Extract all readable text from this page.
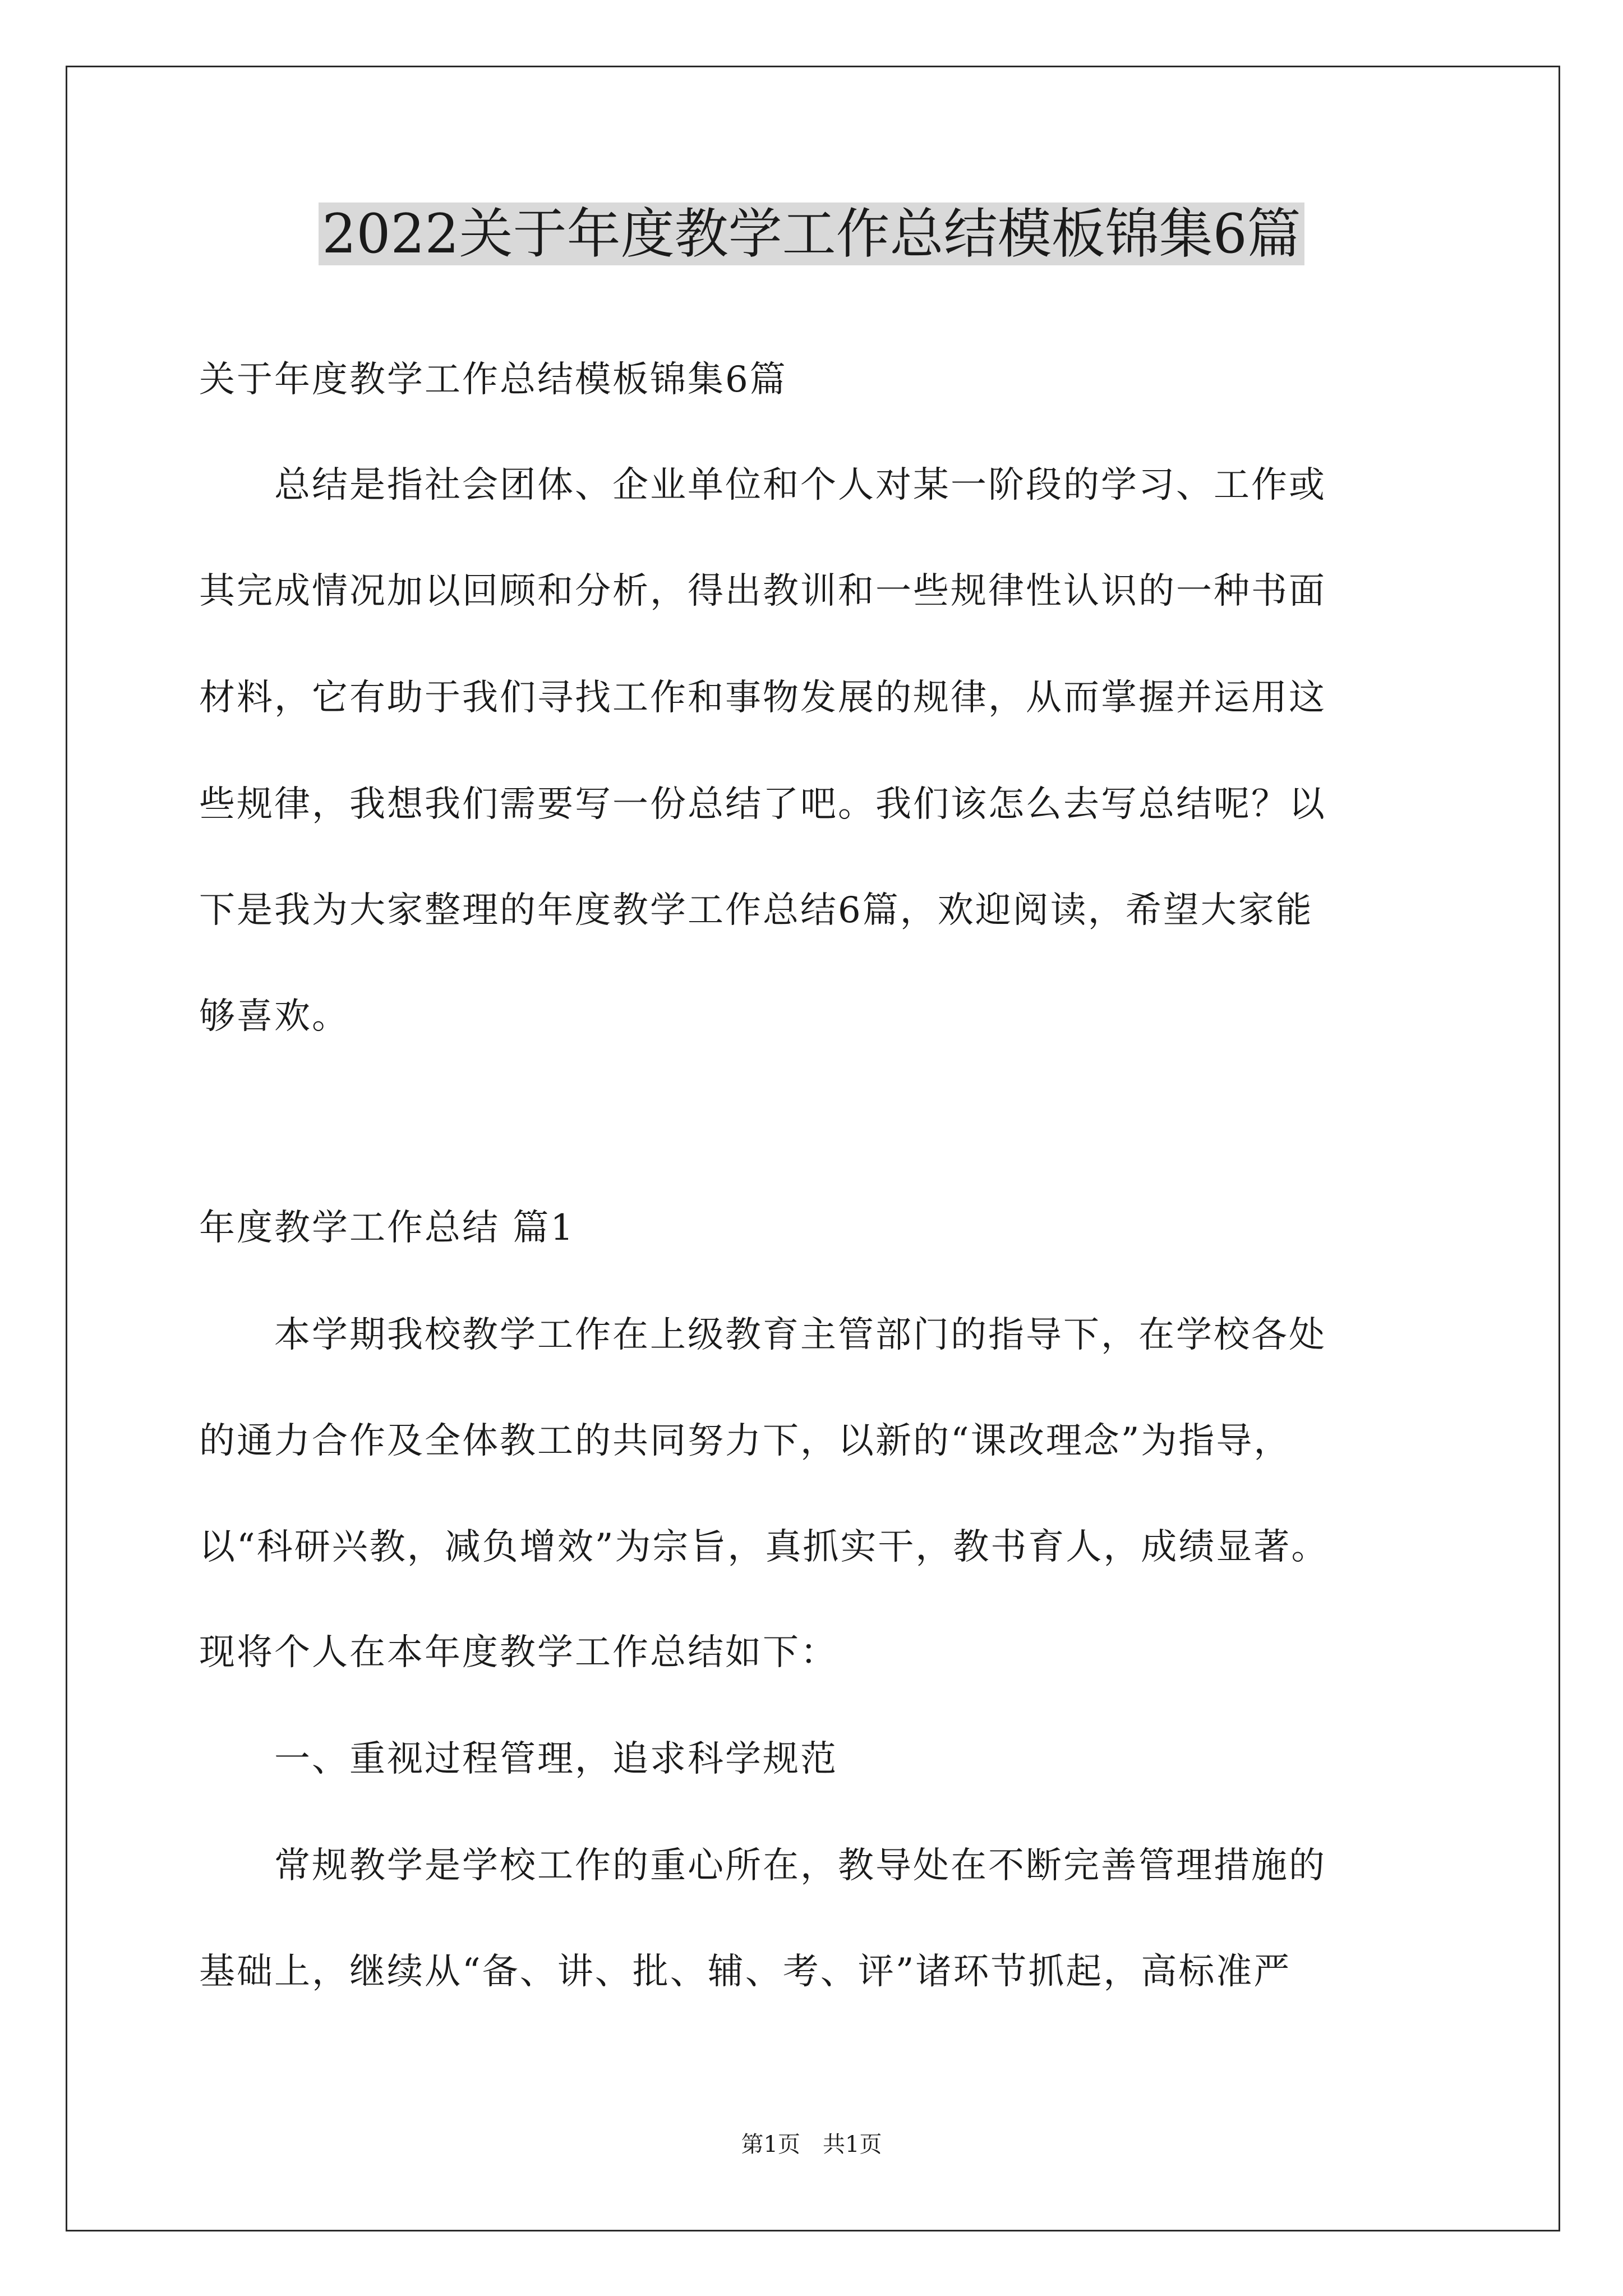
2022关于年度教学工作总结模板锦集6篇
关于年度教学工作总结模板锦集6篇
　　总结是指社会团体、企业单位和个人对某一阶段的学习、工作或
其完成情况加以回顾和分析，得出教训和一些规律性认识的一种书面
材料，它有助于我们寻找工作和事物发展的规律，从而掌握并运用这
些规律，我想我们需要写一份总结了吧。我们该怎么去写总结呢？以
下是我为大家整理的年度教学工作总结6篇，欢迎阅读，希望大家能
够喜欢。
年度教学工作总结 篇1
　　本学期我校教学工作在上级教育主管部门的指导下，在学校各处
的通力合作及全体教工的共同努力下，以新的“课改理念”为指导，
以“科研兴教，减负增效”为宗旨，真抓实干，教书育人，成绩显著。
现将个人在本年度教学工作总结如下：
　　一、重视过程管理，追求科学规范
　　常规教学是学校工作的重心所在，教导处在不断完善管理措施的
基础上，继续从“备、讲、批、辅、考、评”诸环节抓起，高标准严
第1页　共1页
